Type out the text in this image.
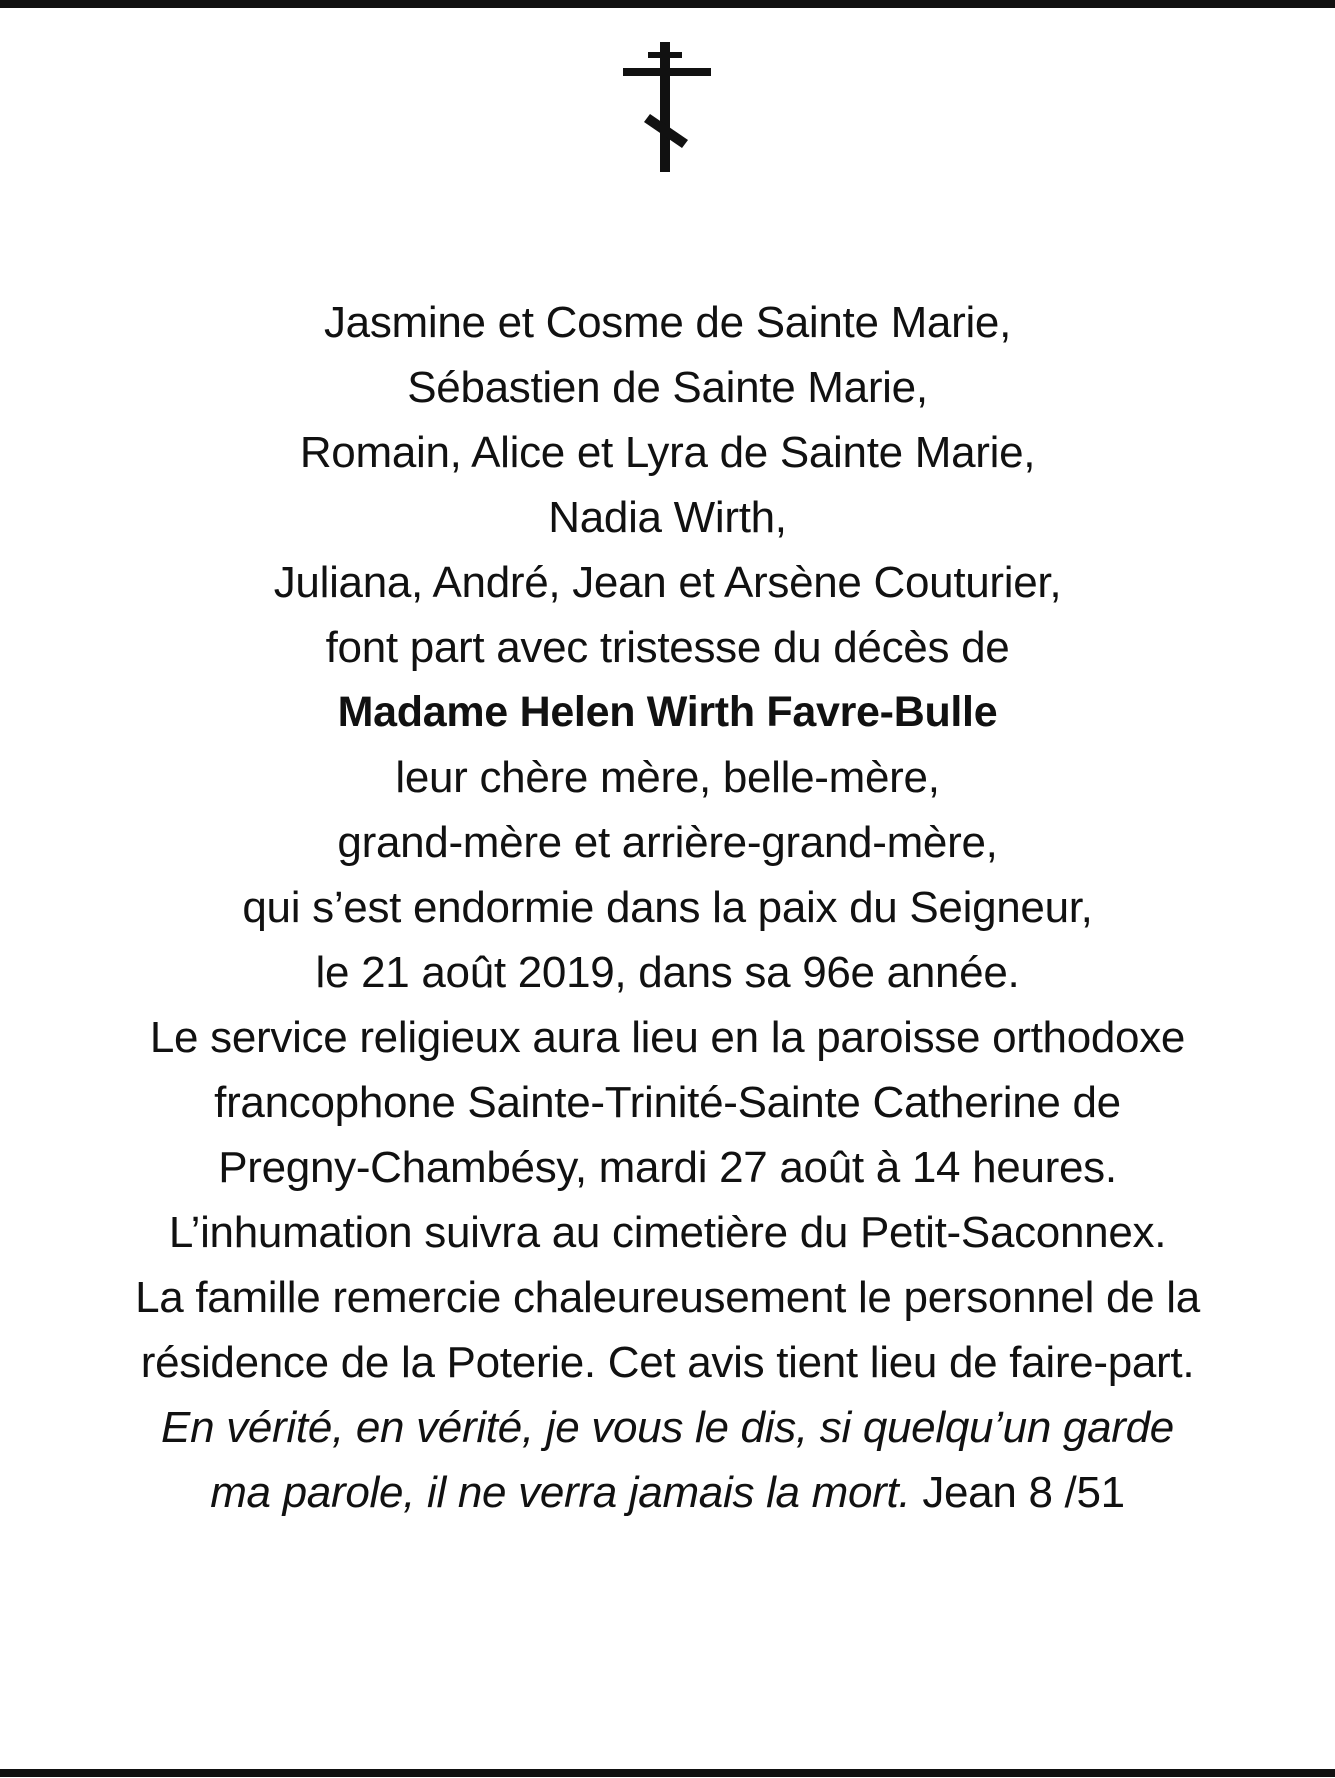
Jasmine et Cosme de Sainte Marie,
Sébastien de Sainte Marie,
Romain, Alice et Lyra de Sainte Marie,
Nadia Wirth,
Juliana, André, Jean et Arsène Couturier,
font part avec tristesse du décès de
Madame Helen Wirth Favre-Bulle
leur chère mère, belle-mère,
grand-mère et arrière-grand-mère,
qui s’est endormie dans la paix du Seigneur,
le 21 août 2019, dans sa 96e année.
Le service religieux aura lieu en la paroisse orthodoxe
francophone Sainte-Trinité-Sainte Catherine de
Pregny-Chambésy, mardi 27 août à 14 heures.
L’inhumation suivra au cimetière du Petit-Saconnex.
La famille remercie chaleureusement le personnel de la
résidence de la Poterie. Cet avis tient lieu de faire-part.
En vérité, en vérité, je vous le dis, si quelqu’un garde
ma parole, il ne verra jamais la mort. Jean 8 /51
